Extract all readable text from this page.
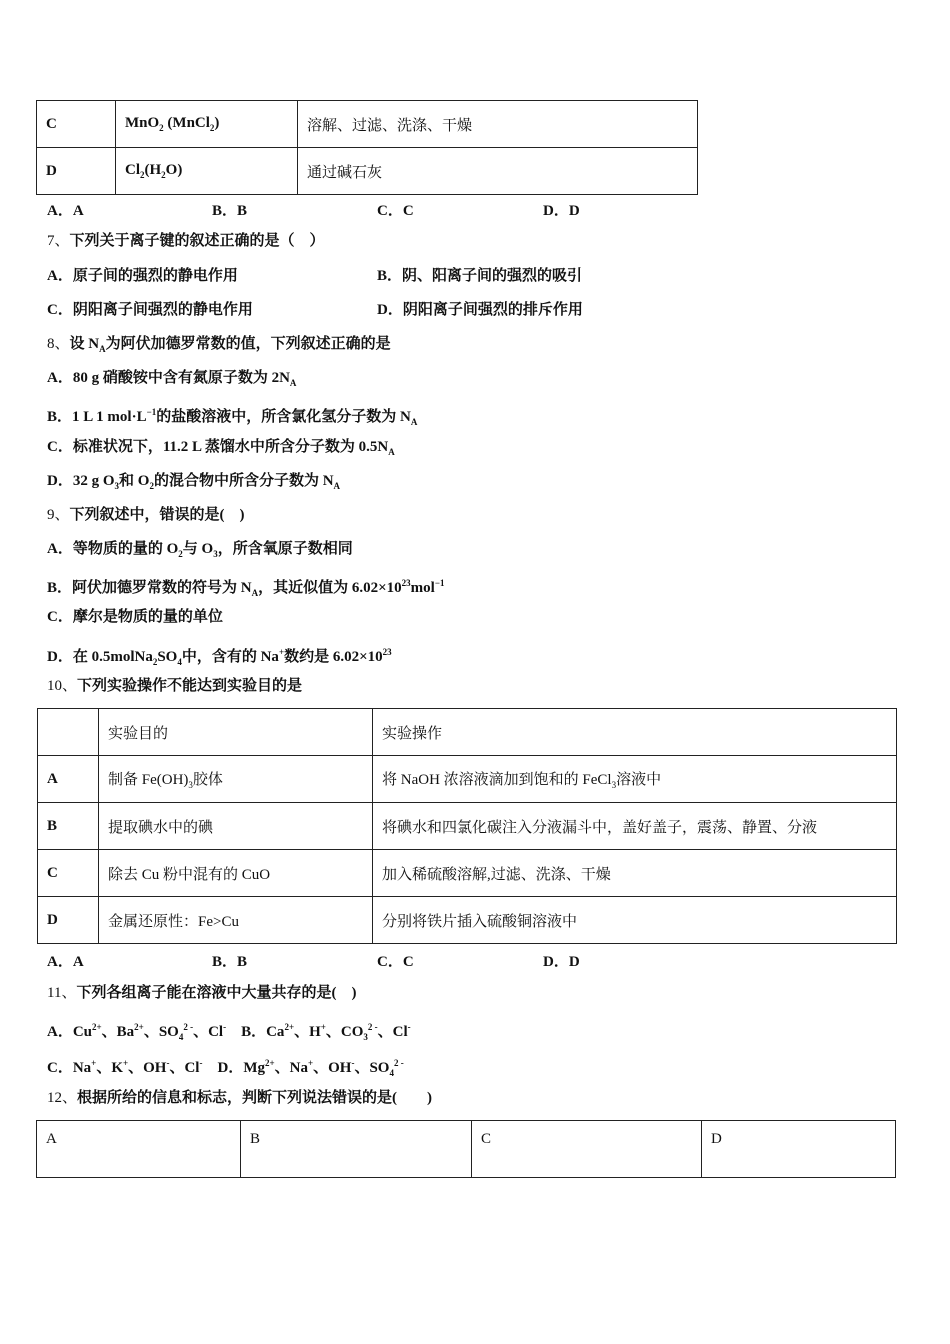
C	MnO$_2$ (MnCl$_2$)	溶解、过滤、洗涤、干燥
D	$Cl_2(H_2O)$	通过碱石灰
A．A	B．B	C．C	D．D
7、下列关于离子键的叙述正确的是（　）
A．原子间的强烈的静电作用	B．阴、阳离子间的强烈的吸引
C．阴阳离子间强烈的静电作用	D．阴阳离子间强烈的排斥作用
8、设 $N_A$为阿伏加德罗常数的值，下列叙述正确的是
A．80 g 硝酸铵中含有氮原子数为 $2N_A$
B．1 L 1 $mol\cdot L^{-1}$的盐酸溶液中，所含氯化氢分子数为 $N_A$
C．标准状况下，11.2 L 蒸馏水中所含分子数为 $0.5N_A$
D．32 g $O_3$和 $O_2$的混合物中所含分子数为 $N_A$
9、下列叙述中，错误的是(　)
A．等物质的量的 $O_2$与 $O_3$，所含氧原子数相同
B．阿伏加德罗常数的符号为 $N_A$，其近似值为 $6.02\times 10^{23}mol^{-1}$
C．摩尔是物质的量的单位
D．在 $0.5molNa_2SO_4$中，含有的 Na+数约是 $6.02\times 10^{23}$
10、下列实验操作不能达到实验目的是
	实验目的	实验操作
A	制备 $Fe(OH)_3$胶体	将 NaOH 浓溶液滴加到饱和的 FeCl$_3$溶液中
B	提取碘水中的碘	将碘水和四氯化碳注入分液漏斗中，盖好盖子，震荡、静置、分液
C	除去 Cu 粉中混有的 CuO	加入稀硫酸溶解,过滤、洗涤、干燥
D	金属还原性：Fe>Cu	分别将铁片插入硫酸铜溶液中
A．A	B．B	C．C	D．D
11、下列各组离子能在溶液中大量共存的是(　)
A．$Cu^{2+}$、$Ba^{2+}$、$SO_4^{2 -}$、Cl-　B．$Ca^{2+}$、H+、$CO_3^{2 -}$、Cl-
C．Na+、K+、OH-、Cl-　D．$Mg^{2+}$、Na+、OH-、$SO_4^{2 -}$
12、根据所给的信息和标志，判断下列说法错误的是(　　)
A	B	C	D
